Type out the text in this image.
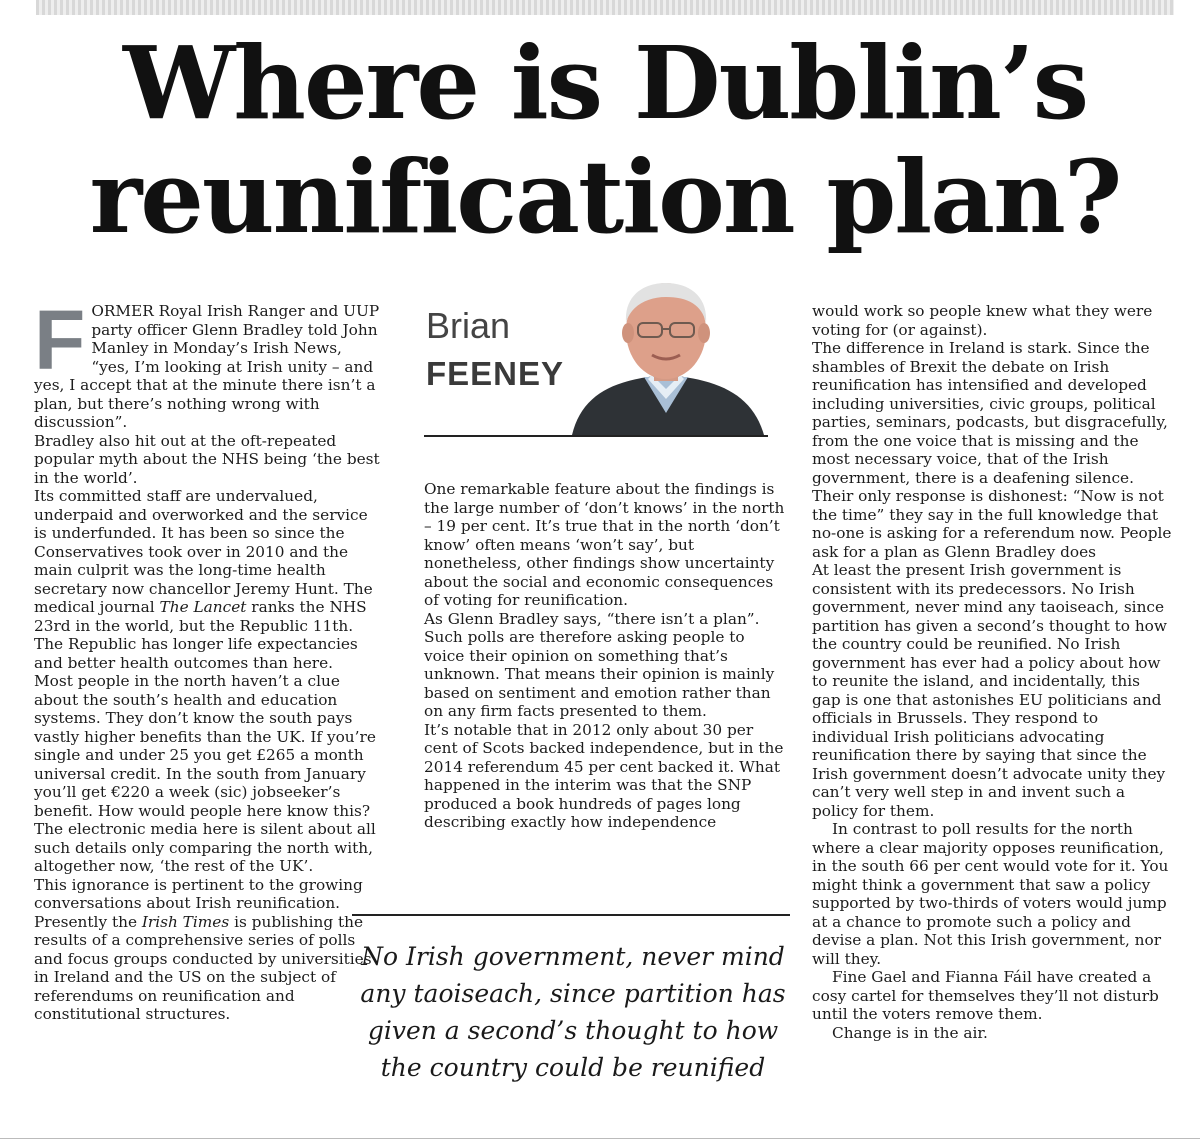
Where is Dublin’s reunification plan?
F ORMER Royal Irish Ranger and UUP party officer Glenn Bradley told John Manley in Monday’s Irish News, “yes, I’m looking at Irish unity – and yes, I accept that at the minute there isn’t a plan, but there’s nothing wrong with discussion”.

Bradley also hit out at the oft-repeated popular myth about the NHS being ‘the best in the world’.

Its committed staff are undervalued, underpaid and overworked and the service is underfunded. It has been so since the Conservatives took over in 2010 and the main culprit was the long-time health secretary now chancellor Jeremy Hunt. The medical journal The Lancet ranks the NHS 23rd in the world, but the Republic 11th.

The Republic has longer life expectancies and better health outcomes than here.

Most people in the north haven’t a clue about the south’s health and education systems. They don’t know the south pays vastly higher benefits than the UK. If you’re single and under 25 you get £265 a month universal credit. In the south from January you’ll get €220 a week (sic) jobseeker’s benefit. How would people here know this?

The electronic media here is silent about all such details only comparing the north with, altogether now, ‘the rest of the UK’.

This ignorance is pertinent to the growing conversations about Irish reunification.

Presently the Irish Times is publishing the results of a comprehensive series of polls and focus groups conducted by universities in Ireland and the US on the subject of referendums on reunification and constitutional structures.

Brian
FEENEY

One remarkable feature about the findings is the large number of ‘don’t knows’ in the north – 19 per cent. It’s true that in the north ‘don’t know’ often means ‘won’t say’, but nonetheless, other findings show uncertainty about the social and economic consequences of voting for reunification.

As Glenn Bradley says, “there isn’t a plan”. Such polls are therefore asking people to voice their opinion on something that’s unknown. That means their opinion is mainly based on sentiment and emotion rather than on any firm facts presented to them.

It’s notable that in 2012 only about 30 per cent of Scots backed independence, but in the 2014 referendum 45 per cent backed it. What happened in the interim was that the SNP produced a book hundreds of pages long describing exactly how independence

No Irish government, never mind any taoiseach, since partition has given a second’s thought to how the country could be reunified

would work so people knew what they were voting for (or against).

The difference in Ireland is stark. Since the shambles of Brexit the debate on Irish reunification has intensified and developed including universities, civic groups, political parties, seminars, podcasts, but disgracefully, from the one voice that is missing and the most necessary voice, that of the Irish government, there is a deafening silence. Their only response is dishonest: “Now is not the time” they say in the full knowledge that no-one is asking for a referendum now. People ask for a plan as Glenn Bradley does

At least the present Irish government is consistent with its predecessors. No Irish government, never mind any taoiseach, since partition has given a second’s thought to how the country could be reunified. No Irish government has ever had a policy about how to reunite the island, and incidentally, this gap is one that astonishes EU politicians and officials in Brussels. They respond to individual Irish politicians advocating reunification there by saying that since the Irish government doesn’t advocate unity they can’t very well step in and invent such a policy for them.

In contrast to poll results for the north where a clear majority opposes reunification, in the south 66 per cent would vote for it. You might think a government that saw a policy supported by two-thirds of voters would jump at a chance to promote such a policy and devise a plan. Not this Irish government, nor will they.

Fine Gael and Fianna Fáil have created a cosy cartel for themselves they’ll not disturb until the voters remove them.

Change is in the air.
